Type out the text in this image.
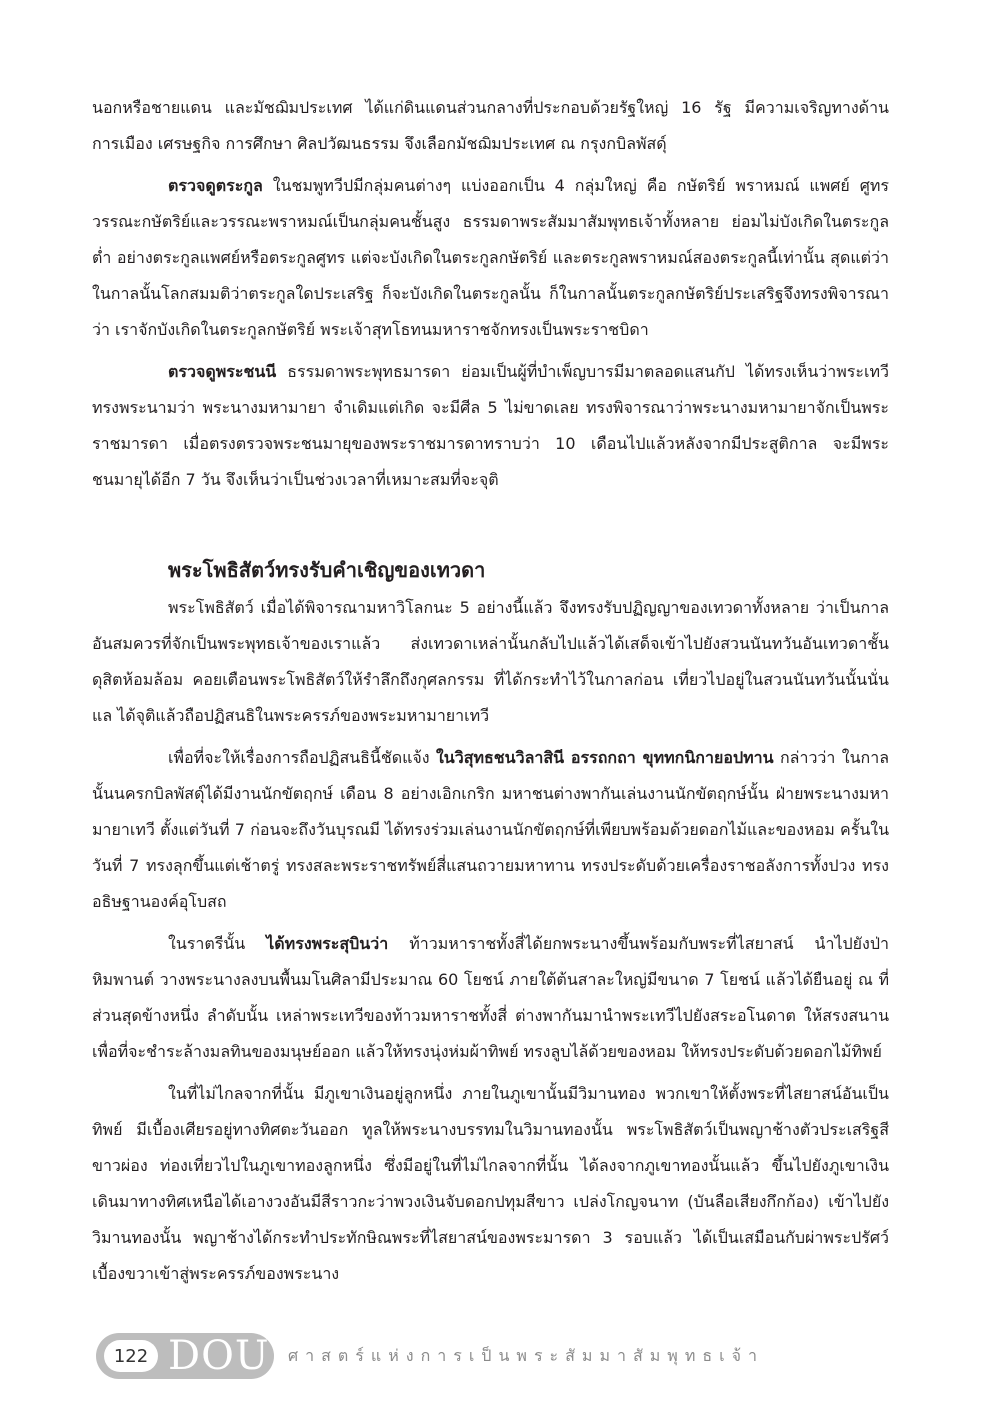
นอกหรือชายแดน และมัชฌิมประเทศ ได้แก่ดินแดนส่วนกลางที่ประกอบด้วยรัฐใหญ่ 16 รัฐ มีความเจริญทางด้าน การเมือง เศรษฐกิจ การศึกษา ศิลปวัฒนธรรม จึงเลือกมัชฌิมประเทศ ณ กรุงกบิลพัสดุ์

ตรวจดูตระกูล ในชมพูทวีปมีกลุ่มคนต่างๆ แบ่งออกเป็น 4 กลุ่มใหญ่ คือ กษัตริย์ พราหมณ์ แพศย์ ศูทร วรรณะกษัตริย์และวรรณะพราหมณ์เป็นกลุ่มคนชั้นสูง ธรรมดาพระสัมมาสัมพุทธเจ้าทั้งหลาย ย่อมไม่บังเกิดในตระกูลต่ำ อย่างตระกูลแพศย์หรือตระกูลศูทร แต่จะบังเกิดในตระกูลกษัตริย์ และตระกูลพราหมณ์สองตระกูลนี้เท่านั้น สุดแต่ว่าในกาลนั้นโลกสมมติว่าตระกูลใดประเสริฐ ก็จะบังเกิดในตระกูลนั้น ก็ในกาลนั้นตระกูลกษัตริย์ประเสริฐจึงทรงพิจารณาว่า เราจักบังเกิดในตระกูลกษัตริย์ พระเจ้าสุทโธทนมหาราชจักทรงเป็นพระราชบิดา

ตรวจดูพระชนนี ธรรมดาพระพุทธมารดา ย่อมเป็นผู้ที่บำเพ็ญบารมีมาตลอดแสนกัป ได้ทรงเห็นว่าพระเทวี ทรงพระนามว่า พระนางมหามายา จำเดิมแต่เกิด จะมีศีล 5 ไม่ขาดเลย ทรงพิจารณาว่าพระนางมหามายาจักเป็นพระราชมารดา เมื่อตรงตรวจพระชนมายุของพระราชมารดาทราบว่า 10 เดือนไปแล้วหลังจากมีประสูติกาล จะมีพระชนมายุได้อีก 7 วัน จึงเห็นว่าเป็นช่วงเวลาที่เหมาะสมที่จะจุติ

พระโพธิสัตว์ทรงรับคำเชิญของเทวดา

พระโพธิสัตว์ เมื่อได้พิจารณามหาวิโลกนะ 5 อย่างนี้แล้ว จึงทรงรับปฏิญญาของเทวดาทั้งหลาย ว่าเป็นกาลอันสมควรที่จักเป็นพระพุทธเจ้าของเราแล้ว ส่งเทวดาเหล่านั้นกลับไปแล้วได้เสด็จเข้าไปยังสวนนันทวันอันเทวดาชั้นดุสิตห้อมล้อม คอยเตือนพระโพธิสัตว์ให้รำลึกถึงกุศลกรรม ที่ได้กระทำไว้ในกาลก่อน เที่ยวไปอยู่ในสวนนันทวันนั้นนั่นแล ได้จุติแล้วถือปฏิสนธิในพระครรภ์ของพระมหามายาเทวี

เพื่อที่จะให้เรื่องการถือปฏิสนธินี้ชัดแจ้ง ในวิสุทธชนวิลาสินี อรรถกถา ขุททกนิกายอปทาน กล่าวว่า ในกาลนั้นนครกบิลพัสดุ์ได้มีงานนักขัตฤกษ์ เดือน 8 อย่างเอิกเกริก มหาชนต่างพากันเล่นงานนักขัตฤกษ์นั้น ฝ่ายพระนางมหามายาเทวี ตั้งแต่วันที่ 7 ก่อนจะถึงวันบุรณมี ได้ทรงร่วมเล่นงานนักขัตฤกษ์ที่เพียบพร้อมด้วยดอกไม้และของหอม ครั้นในวันที่ 7 ทรงลุกขึ้นแต่เช้าตรู่ ทรงสละพระราชทรัพย์สี่แสนถวายมหาทาน ทรงประดับด้วยเครื่องราชอลังการทั้งปวง ทรงอธิษฐานองค์อุโบสถ

ในราตรีนั้น ได้ทรงพระสุบินว่า ท้าวมหาราชทั้งสี่ได้ยกพระนางขึ้นพร้อมกับพระที่ไสยาสน์ นำไปยังป่าหิมพานต์ วางพระนางลงบนพื้นมโนศิลามีประมาณ 60 โยชน์ ภายใต้ต้นสาละใหญ่มีขนาด 7 โยชน์ แล้วได้ยืนอยู่ ณ ที่ส่วนสุดข้างหนึ่ง ลำดับนั้น เหล่าพระเทวีของท้าวมหาราชทั้งสี่ ต่างพากันมานำพระเทวีไปยังสระอโนดาต ให้สรงสนานเพื่อที่จะชำระล้างมลทินของมนุษย์ออก แล้วให้ทรงนุ่งห่มผ้าทิพย์ ทรงลูบไล้ด้วยของหอม ให้ทรงประดับด้วยดอกไม้ทิพย์

ในที่ไม่ไกลจากที่นั้น มีภูเขาเงินอยู่ลูกหนึ่ง ภายในภูเขานั้นมีวิมานทอง พวกเขาให้ตั้งพระที่ไสยาสน์อันเป็นทิพย์ มีเบื้องเศียรอยู่ทางทิศตะวันออก ทูลให้พระนางบรรทมในวิมานทองนั้น พระโพธิสัตว์เป็นพญาช้างตัวประเสริฐสีขาวผ่อง ท่องเที่ยวไปในภูเขาทองลูกหนึ่ง ซึ่งมีอยู่ในที่ไม่ไกลจากที่นั้น ได้ลงจากภูเขาทองนั้นแล้ว ขึ้นไปยังภูเขาเงิน เดินมาทางทิศเหนือได้เอางวงอันมีสีราวกะว่าพวงเงินจับดอกปทุมสีขาว เปล่งโกญจนาท (บันลือเสียงกึกก้อง) เข้าไปยังวิมานทองนั้น พญาช้างได้กระทำประทักษิณพระที่ไสยาสน์ของพระมารดา 3 รอบแล้ว ได้เป็นเสมือนกับผ่าพระปรัศว์เบื้องขวาเข้าสู่พระครรภ์ของพระนาง

122 DOU ศาสตร์แห่งการเป็นพระสัมมาสัมพุทธเจ้า
